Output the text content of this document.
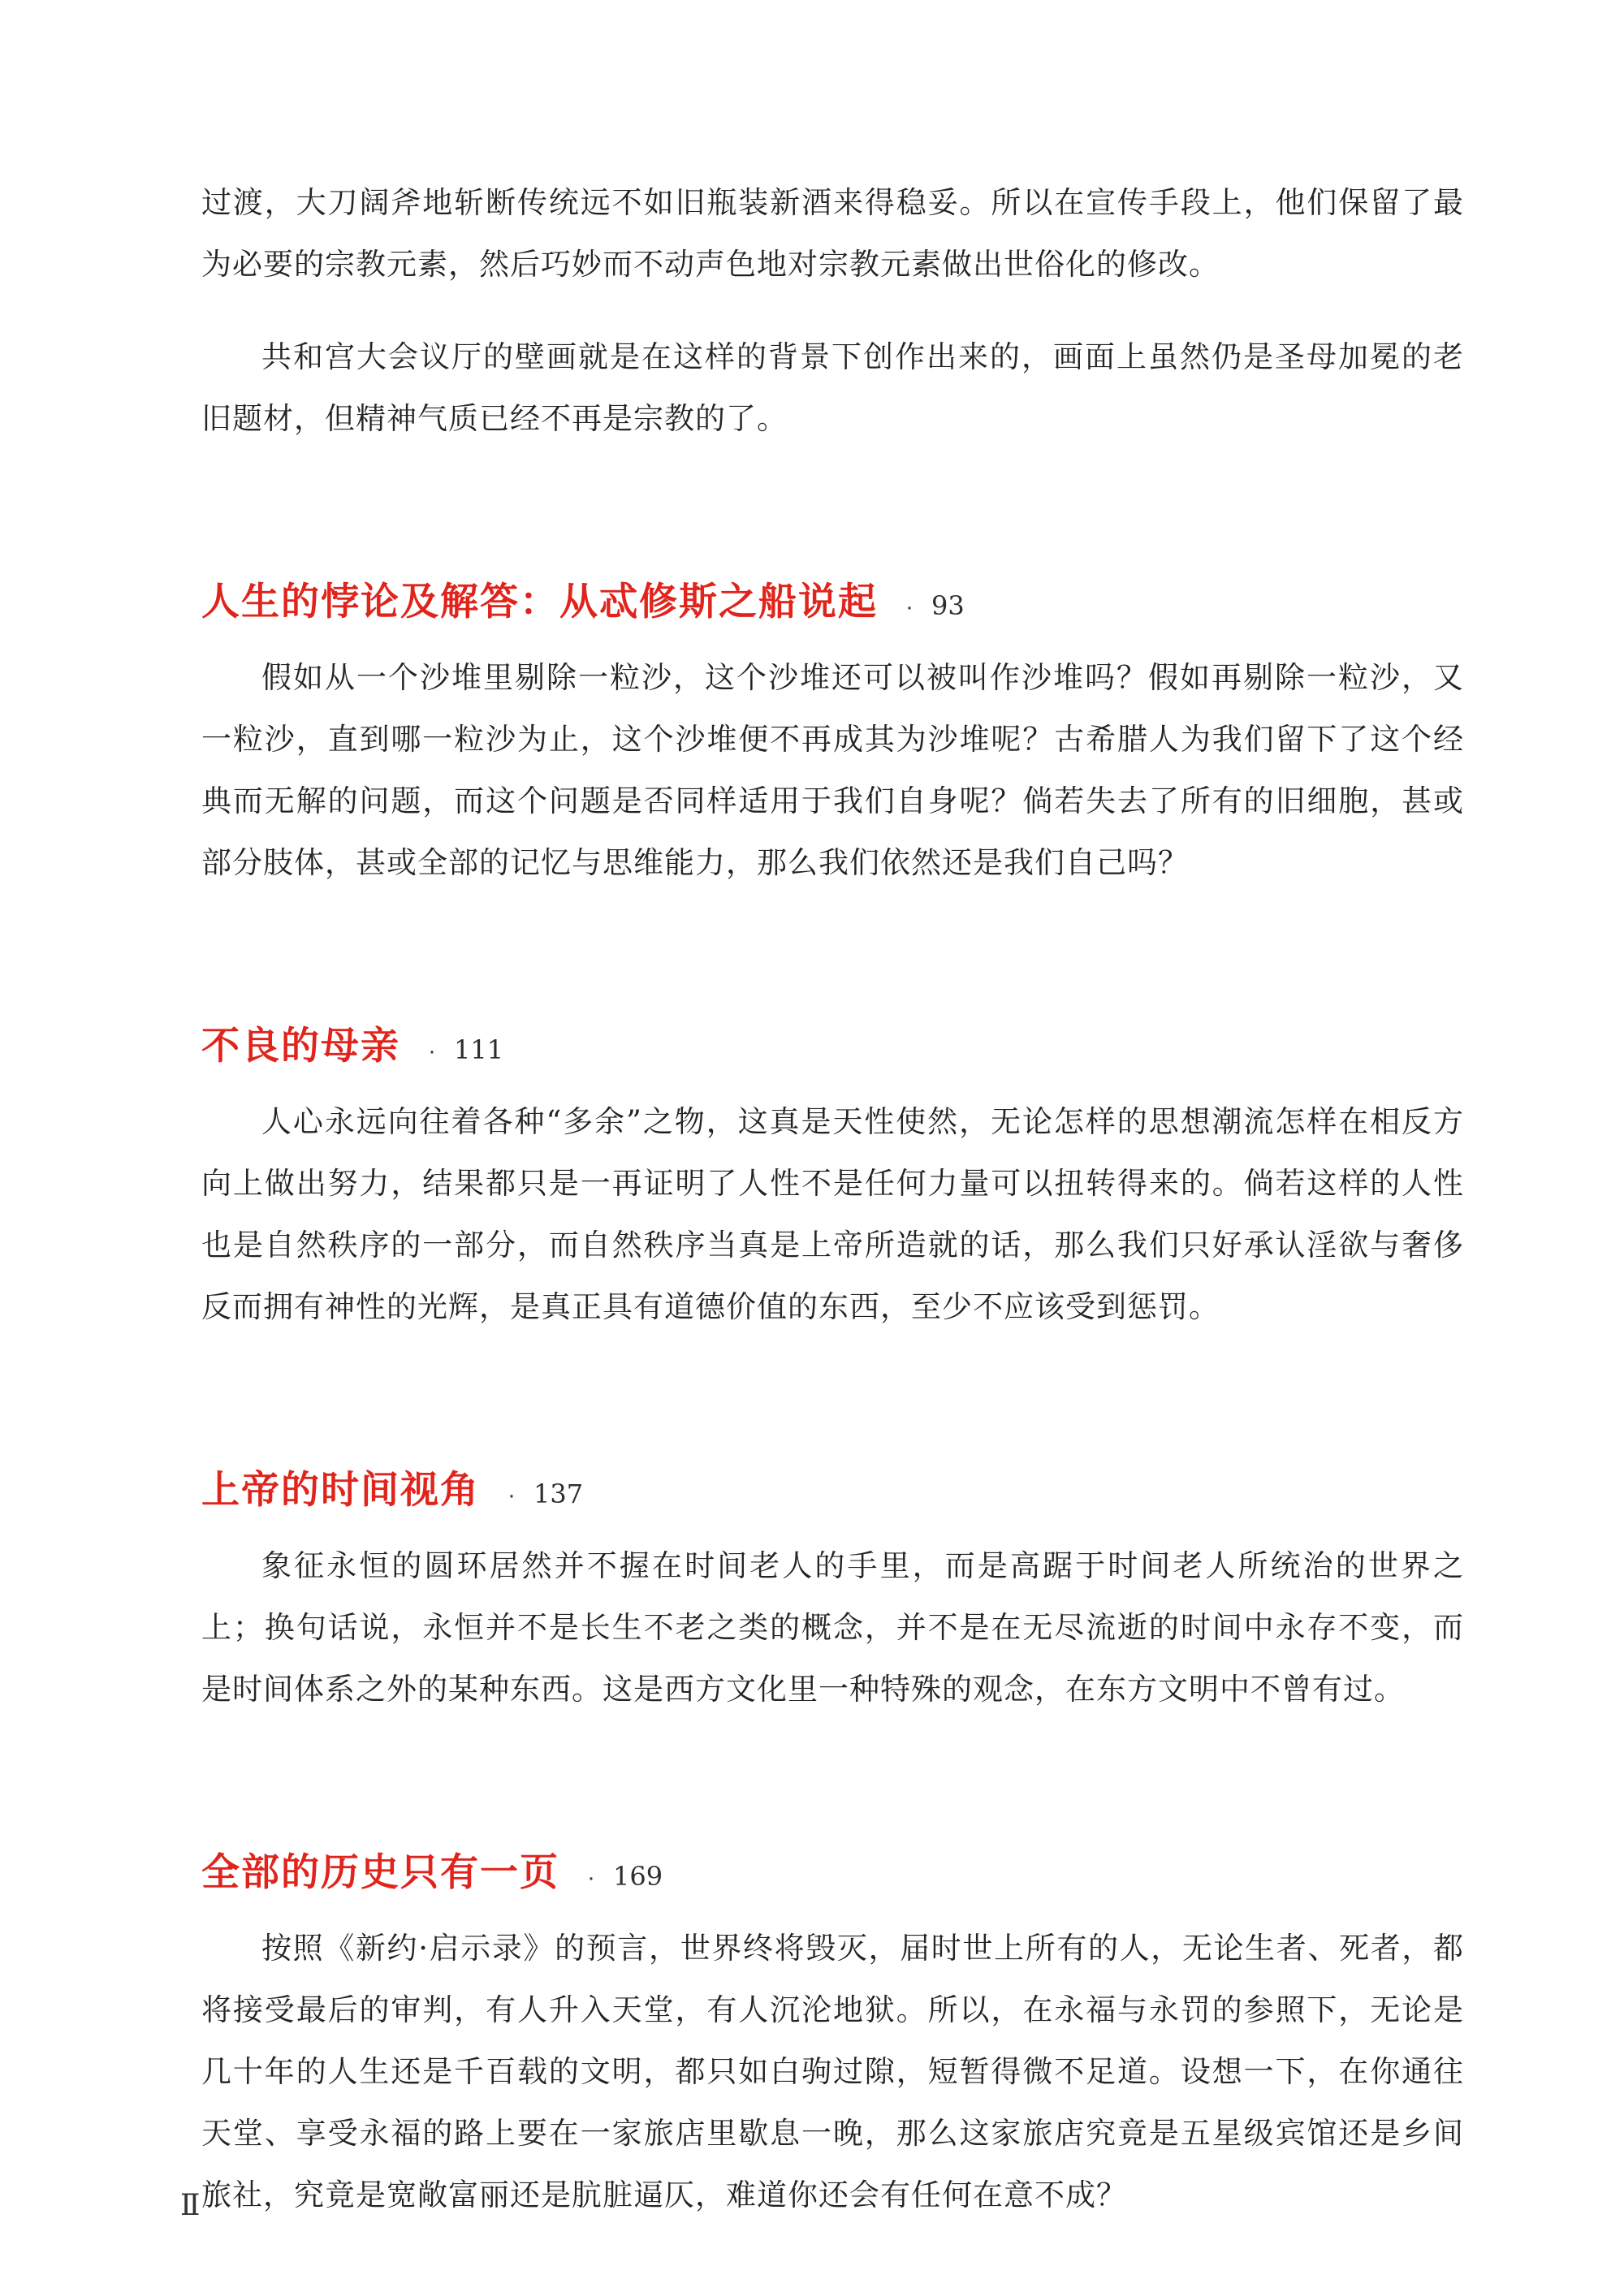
过渡，大刀阔斧地斩断传统远不如旧瓶装新酒来得稳妥。所以在宣传手段上，他们保留了最为必要的宗教元素，然后巧妙而不动声色地对宗教元素做出世俗化的修改。

共和宫大会议厅的壁画就是在这样的背景下创作出来的，画面上虽然仍是圣母加冕的老旧题材，但精神气质已经不再是宗教的了。

人生的悖论及解答：从忒修斯之船说起 · 93

假如从一个沙堆里剔除一粒沙，这个沙堆还可以被叫作沙堆吗？假如再剔除一粒沙，又一粒沙，直到哪一粒沙为止，这个沙堆便不再成其为沙堆呢？古希腊人为我们留下了这个经典而无解的问题，而这个问题是否同样适用于我们自身呢？倘若失去了所有的旧细胞，甚或部分肢体，甚或全部的记忆与思维能力，那么我们依然还是我们自己吗？

不良的母亲 · 111

人心永远向往着各种“多余”之物，这真是天性使然，无论怎样的思想潮流怎样在相反方向上做出努力，结果都只是一再证明了人性不是任何力量可以扭转得来的。倘若这样的人性也是自然秩序的一部分，而自然秩序当真是上帝所造就的话，那么我们只好承认淫欲与奢侈反而拥有神性的光辉，是真正具有道德价值的东西，至少不应该受到惩罚。

上帝的时间视角 · 137

象征永恒的圆环居然并不握在时间老人的手里，而是高踞于时间老人所统治的世界之上；换句话说，永恒并不是长生不老之类的概念，并不是在无尽流逝的时间中永存不变，而是时间体系之外的某种东西。这是西方文化里一种特殊的观念，在东方文明中不曾有过。

全部的历史只有一页 · 169

按照《新约·启示录》的预言，世界终将毁灭，届时世上所有的人，无论生者、死者，都将接受最后的审判，有人升入天堂，有人沉沦地狱。所以，在永福与永罚的参照下，无论是几十年的人生还是千百载的文明，都只如白驹过隙，短暂得微不足道。设想一下，在你通往天堂、享受永福的路上要在一家旅店里歇息一晚，那么这家旅店究竟是五星级宾馆还是乡间旅社，究竟是宽敞富丽还是肮脏逼仄，难道你还会有任何在意不成？

Ⅱ
